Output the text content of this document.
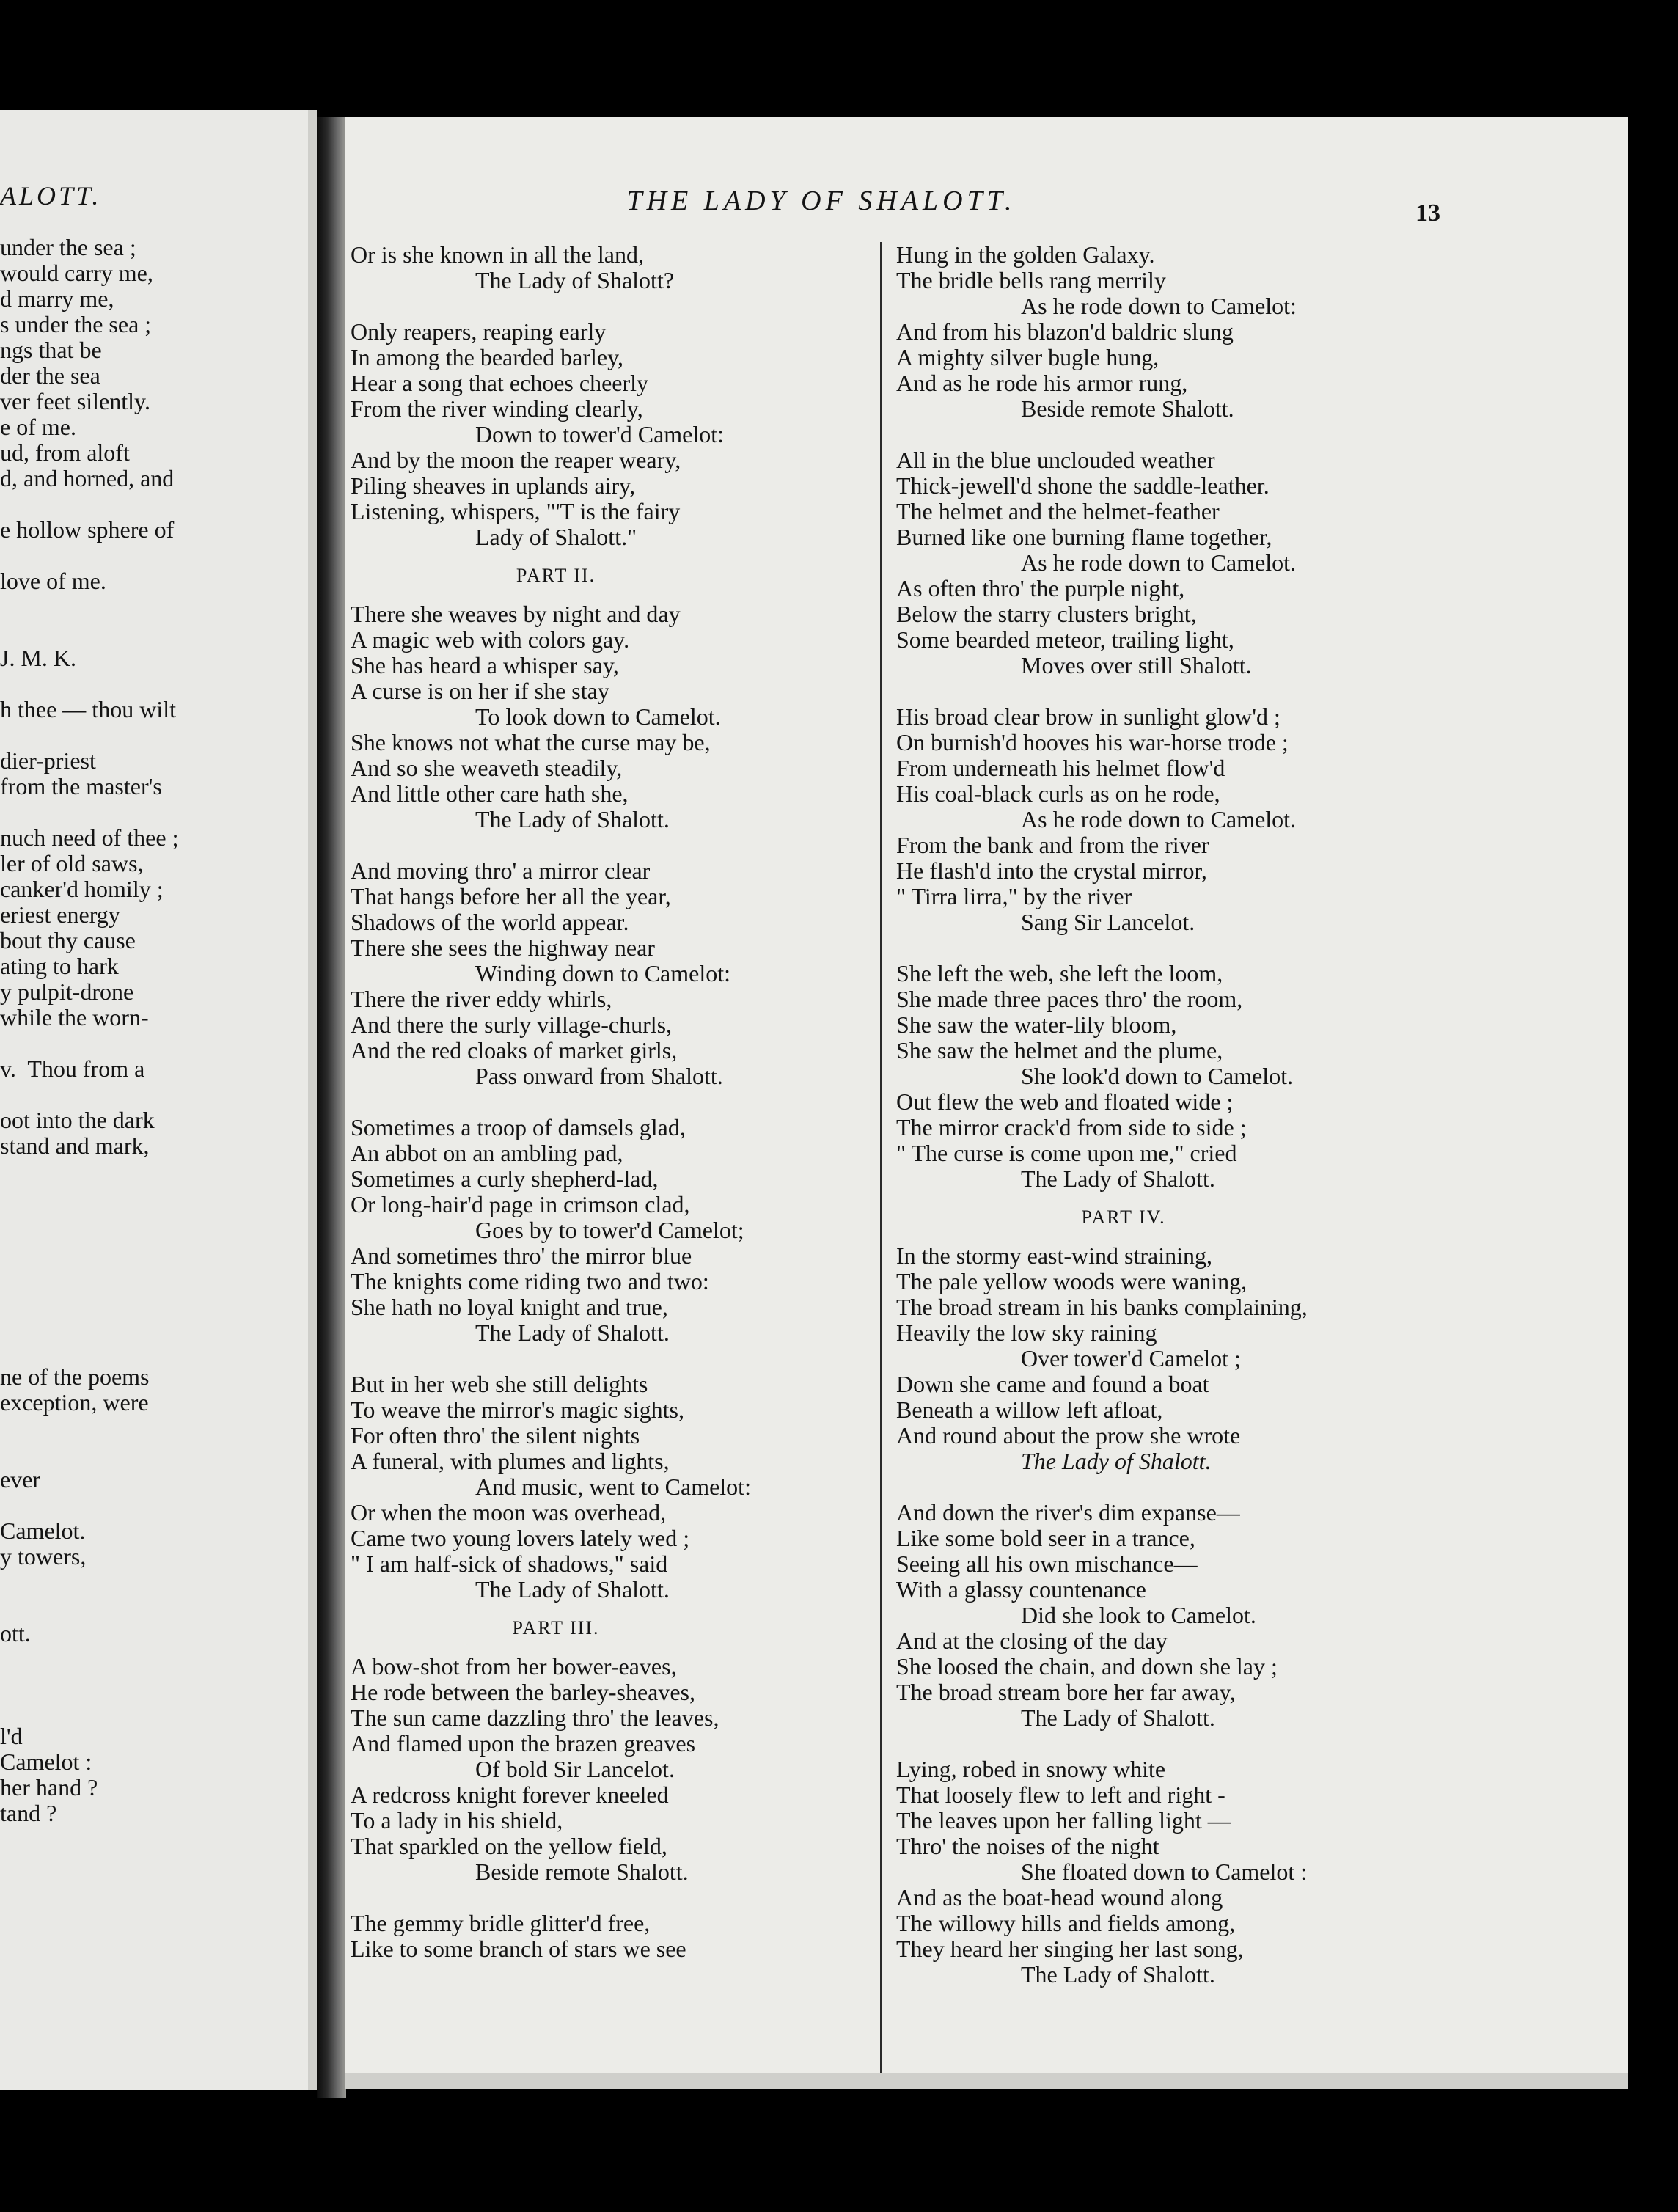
ALOTT.
under the sea ;
would carry me,
d marry me,
s under the sea ;
ngs that be
der the sea
ver feet silently.
e of me.
ud, from aloft
d, and horned, and
e hollow sphere of
love of me.
J. M. K.
h thee — thou wilt
dier-priest
from the master's
nuch need of thee ;
ler of old saws,
canker'd homily ;
eriest energy
bout thy cause
ating to hark
y pulpit-drone
while the worn-
v.  Thou from a
oot into the dark
stand and mark,
ne of the poems
exception, were
ever
Camelot.
y towers,
ott.
l'd
Camelot :
her hand ?
tand ?
THE LADY OF SHALOTT.	13
Or is she known in all the land,
The Lady of Shalott?
Only reapers, reaping early
In among the bearded barley,
Hear a song that echoes cheerly
From the river winding clearly,
Down to tower'd Camelot:
And by the moon the reaper weary,
Piling sheaves in uplands airy,
Listening, whispers, "'T is the fairy
Lady of Shalott."
PART II.
There she weaves by night and day
A magic web with colors gay.
She has heard a whisper say,
A curse is on her if she stay
To look down to Camelot.
She knows not what the curse may be,
And so she weaveth steadily,
And little other care hath she,
The Lady of Shalott.
And moving thro' a mirror clear
That hangs before her all the year,
Shadows of the world appear.
There she sees the highway near
Winding down to Camelot:
There the river eddy whirls,
And there the surly village-churls,
And the red cloaks of market girls,
Pass onward from Shalott.
Sometimes a troop of damsels glad,
An abbot on an ambling pad,
Sometimes a curly shepherd-lad,
Or long-hair'd page in crimson clad,
Goes by to tower'd Camelot;
And sometimes thro' the mirror blue
The knights come riding two and two:
She hath no loyal knight and true,
The Lady of Shalott.
But in her web she still delights
To weave the mirror's magic sights,
For often thro' the silent nights
A funeral, with plumes and lights,
And music, went to Camelot:
Or when the moon was overhead,
Came two young lovers lately wed ;
" I am half-sick of shadows," said
The Lady of Shalott.
PART III.
A bow-shot from her bower-eaves,
He rode between the barley-sheaves,
The sun came dazzling thro' the leaves,
And flamed upon the brazen greaves
Of bold Sir Lancelot.
A redcross knight forever kneeled
To a lady in his shield,
That sparkled on the yellow field,
Beside remote Shalott.
The gemmy bridle glitter'd free,
Like to some branch of stars we see
Hung in the golden Galaxy.
The bridle bells rang merrily
As he rode down to Camelot:
And from his blazon'd baldric slung
A mighty silver bugle hung,
And as he rode his armor rung,
Beside remote Shalott.
All in the blue unclouded weather
Thick-jewell'd shone the saddle-leather.
The helmet and the helmet-feather
Burned like one burning flame together,
As he rode down to Camelot.
As often thro' the purple night,
Below the starry clusters bright,
Some bearded meteor, trailing light,
Moves over still Shalott.
His broad clear brow in sunlight glow'd ;
On burnish'd hooves his war-horse trode ;
From underneath his helmet flow'd
His coal-black curls as on he rode,
As he rode down to Camelot.
From the bank and from the river
He flash'd into the crystal mirror,
" Tirra lirra," by the river
Sang Sir Lancelot.
She left the web, she left the loom,
She made three paces thro' the room,
She saw the water-lily bloom,
She saw the helmet and the plume,
She look'd down to Camelot.
Out flew the web and floated wide ;
The mirror crack'd from side to side ;
" The curse is come upon me," cried
The Lady of Shalott.
PART IV.
In the stormy east-wind straining,
The pale yellow woods were waning,
The broad stream in his banks complaining,
Heavily the low sky raining
Over tower'd Camelot ;
Down she came and found a boat
Beneath a willow left afloat,
And round about the prow she wrote
The Lady of Shalott.
And down the river's dim expanse—
Like some bold seer in a trance,
Seeing all his own mischance—
With a glassy countenance
Did she look to Camelot.
And at the closing of the day
She loosed the chain, and down she lay ;
The broad stream bore her far away,
The Lady of Shalott.
Lying, robed in snowy white
That loosely flew to left and right -
The leaves upon her falling light —
Thro' the noises of the night
She floated down to Camelot :
And as the boat-head wound along
The willowy hills and fields among,
They heard her singing her last song,
The Lady of Shalott.
